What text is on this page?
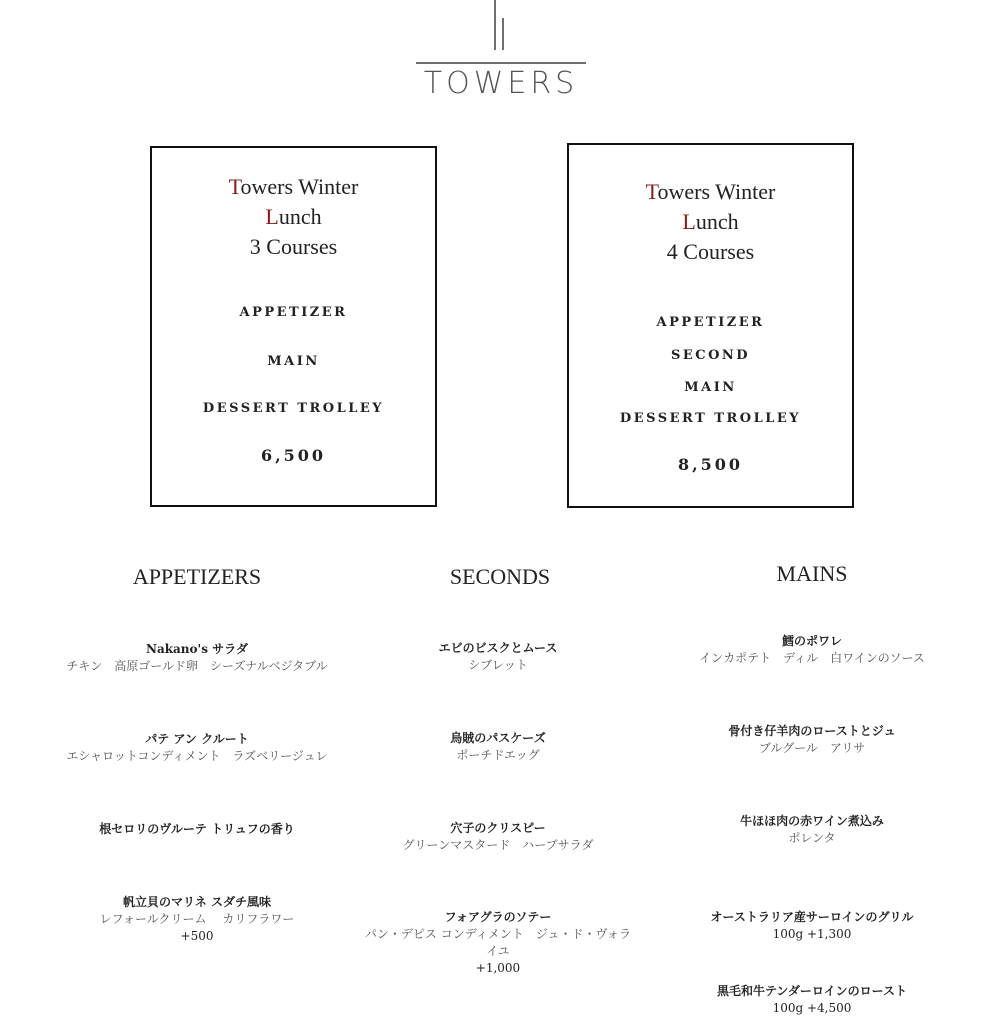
TOWERS
Towers Winter
Lunch
3 Courses
APPETIZER
MAIN
DESSERT TROLLEY
6,500
Towers Winter
Lunch
4 Courses
APPETIZER
SECOND
MAIN
DESSERT TROLLEY
8,500
APPETIZERS	SECONDS	MAINS
Nakano's サラダ
チキン　高原ゴールド卵　シーズナルベジタブル
パテ アン クルート
エシャロットコンディメント　ラズベリージュレ
根セロリのヴルーテ トリュフの香り
帆立貝のマリネ スダチ風味
レフォールクリーム　 カリフラワー
+500
エビのビスクとムース
シブレット
烏賊のパスケーズ
ポーチドエッグ
穴子のクリスピー
グリーンマスタード　ハーブサラダ
フォアグラのソテー
パン・デピス コンディメント　ジュ・ド・ヴォラ
イユ
+1,000
鱈のポワレ
インカポテト　ディル　白ワインのソース
骨付き仔羊肉のローストとジュ
ブルグール　アリサ
牛ほほ肉の赤ワイン煮込み
ポレンタ
オーストラリア産サーロインのグリル
100g +1,300
黒毛和牛テンダーロインのロースト
100g +4,500
